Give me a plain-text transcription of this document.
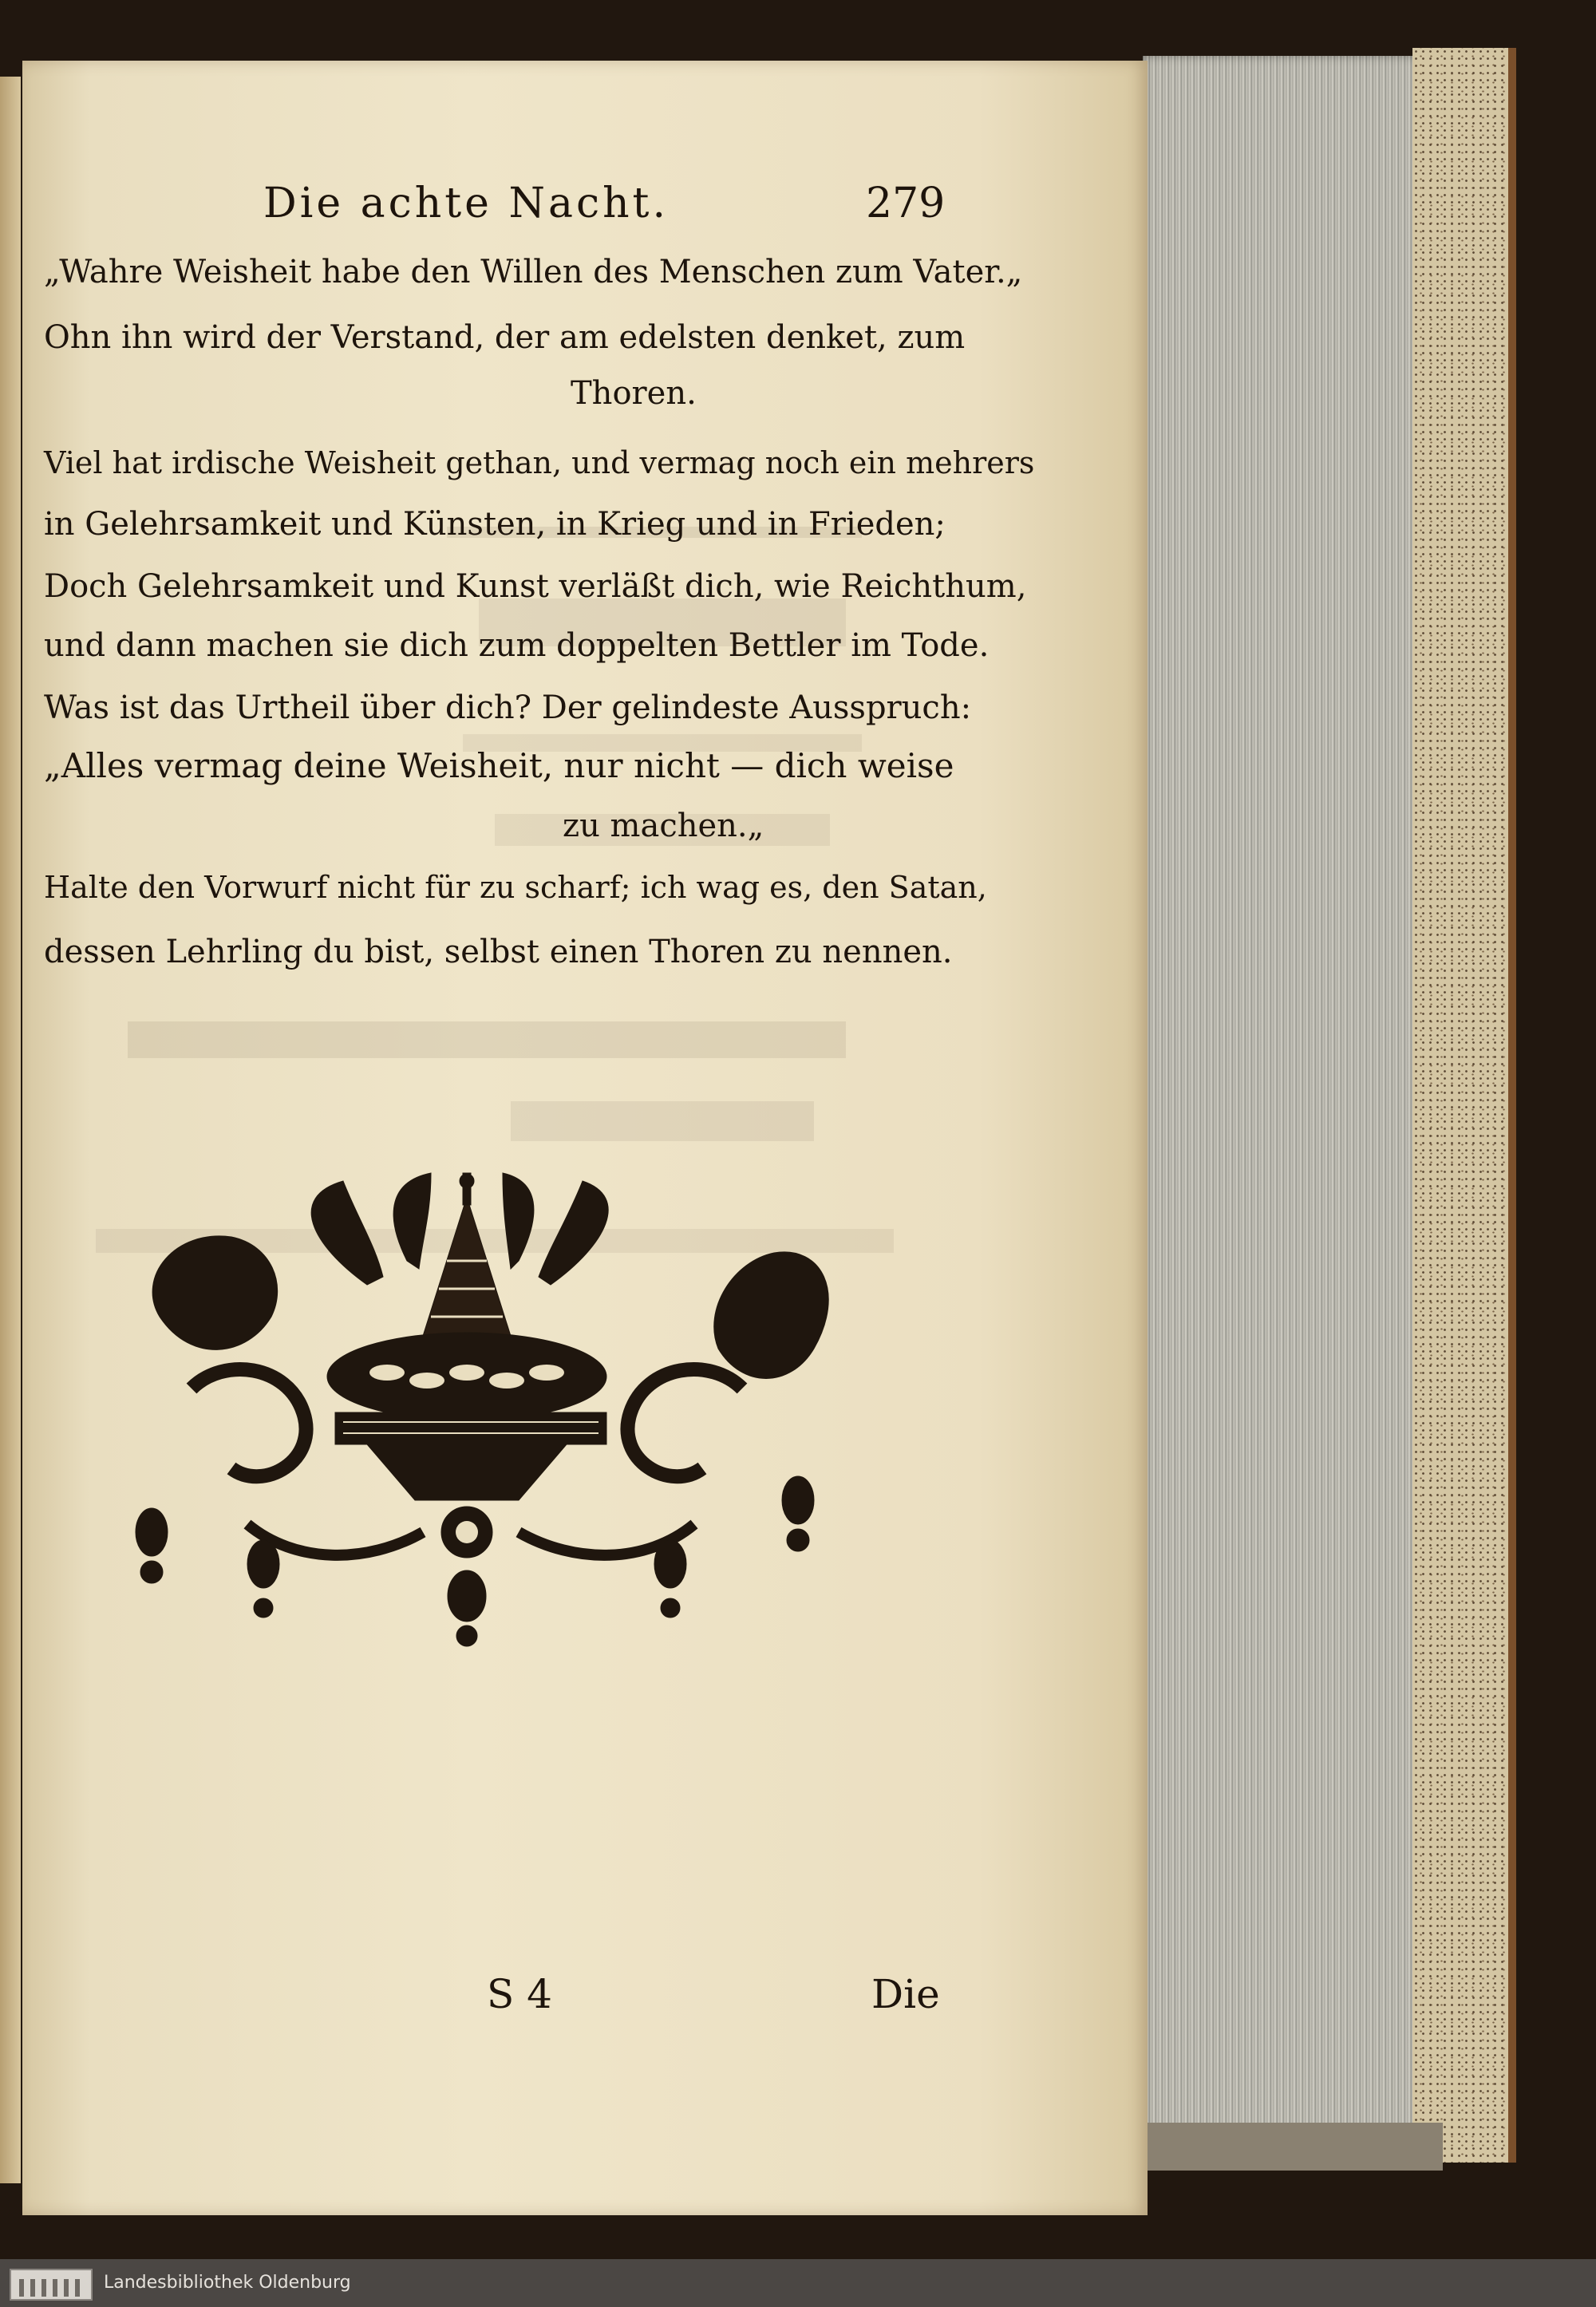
Die achte Nacht.	279
„Wahre Weisheit habe den Willen des Menschen zum Vater.„
Ohn ihn wird der Verstand, der am edelsten denket, zum
Thoren.
Viel hat irdische Weisheit gethan, und vermag noch ein mehrers
in Gelehrsamkeit und Künsten, in Krieg und in Frieden;
Doch Gelehrsamkeit und Kunst verläßt dich, wie Reichthum,
und dann machen sie dich zum doppelten Bettler im Tode.
Was ist das Urtheil über dich? Der gelindeste Ausspruch:
„Alles vermag deine Weisheit, nur nicht — dich weise
zu machen.„
Halte den Vorwurf nicht für zu scharf; ich wag es, den Satan,
dessen Lehrling du bist, selbst einen Thoren zu nennen.
S 4	Die
Landesbibliothek Oldenburg
